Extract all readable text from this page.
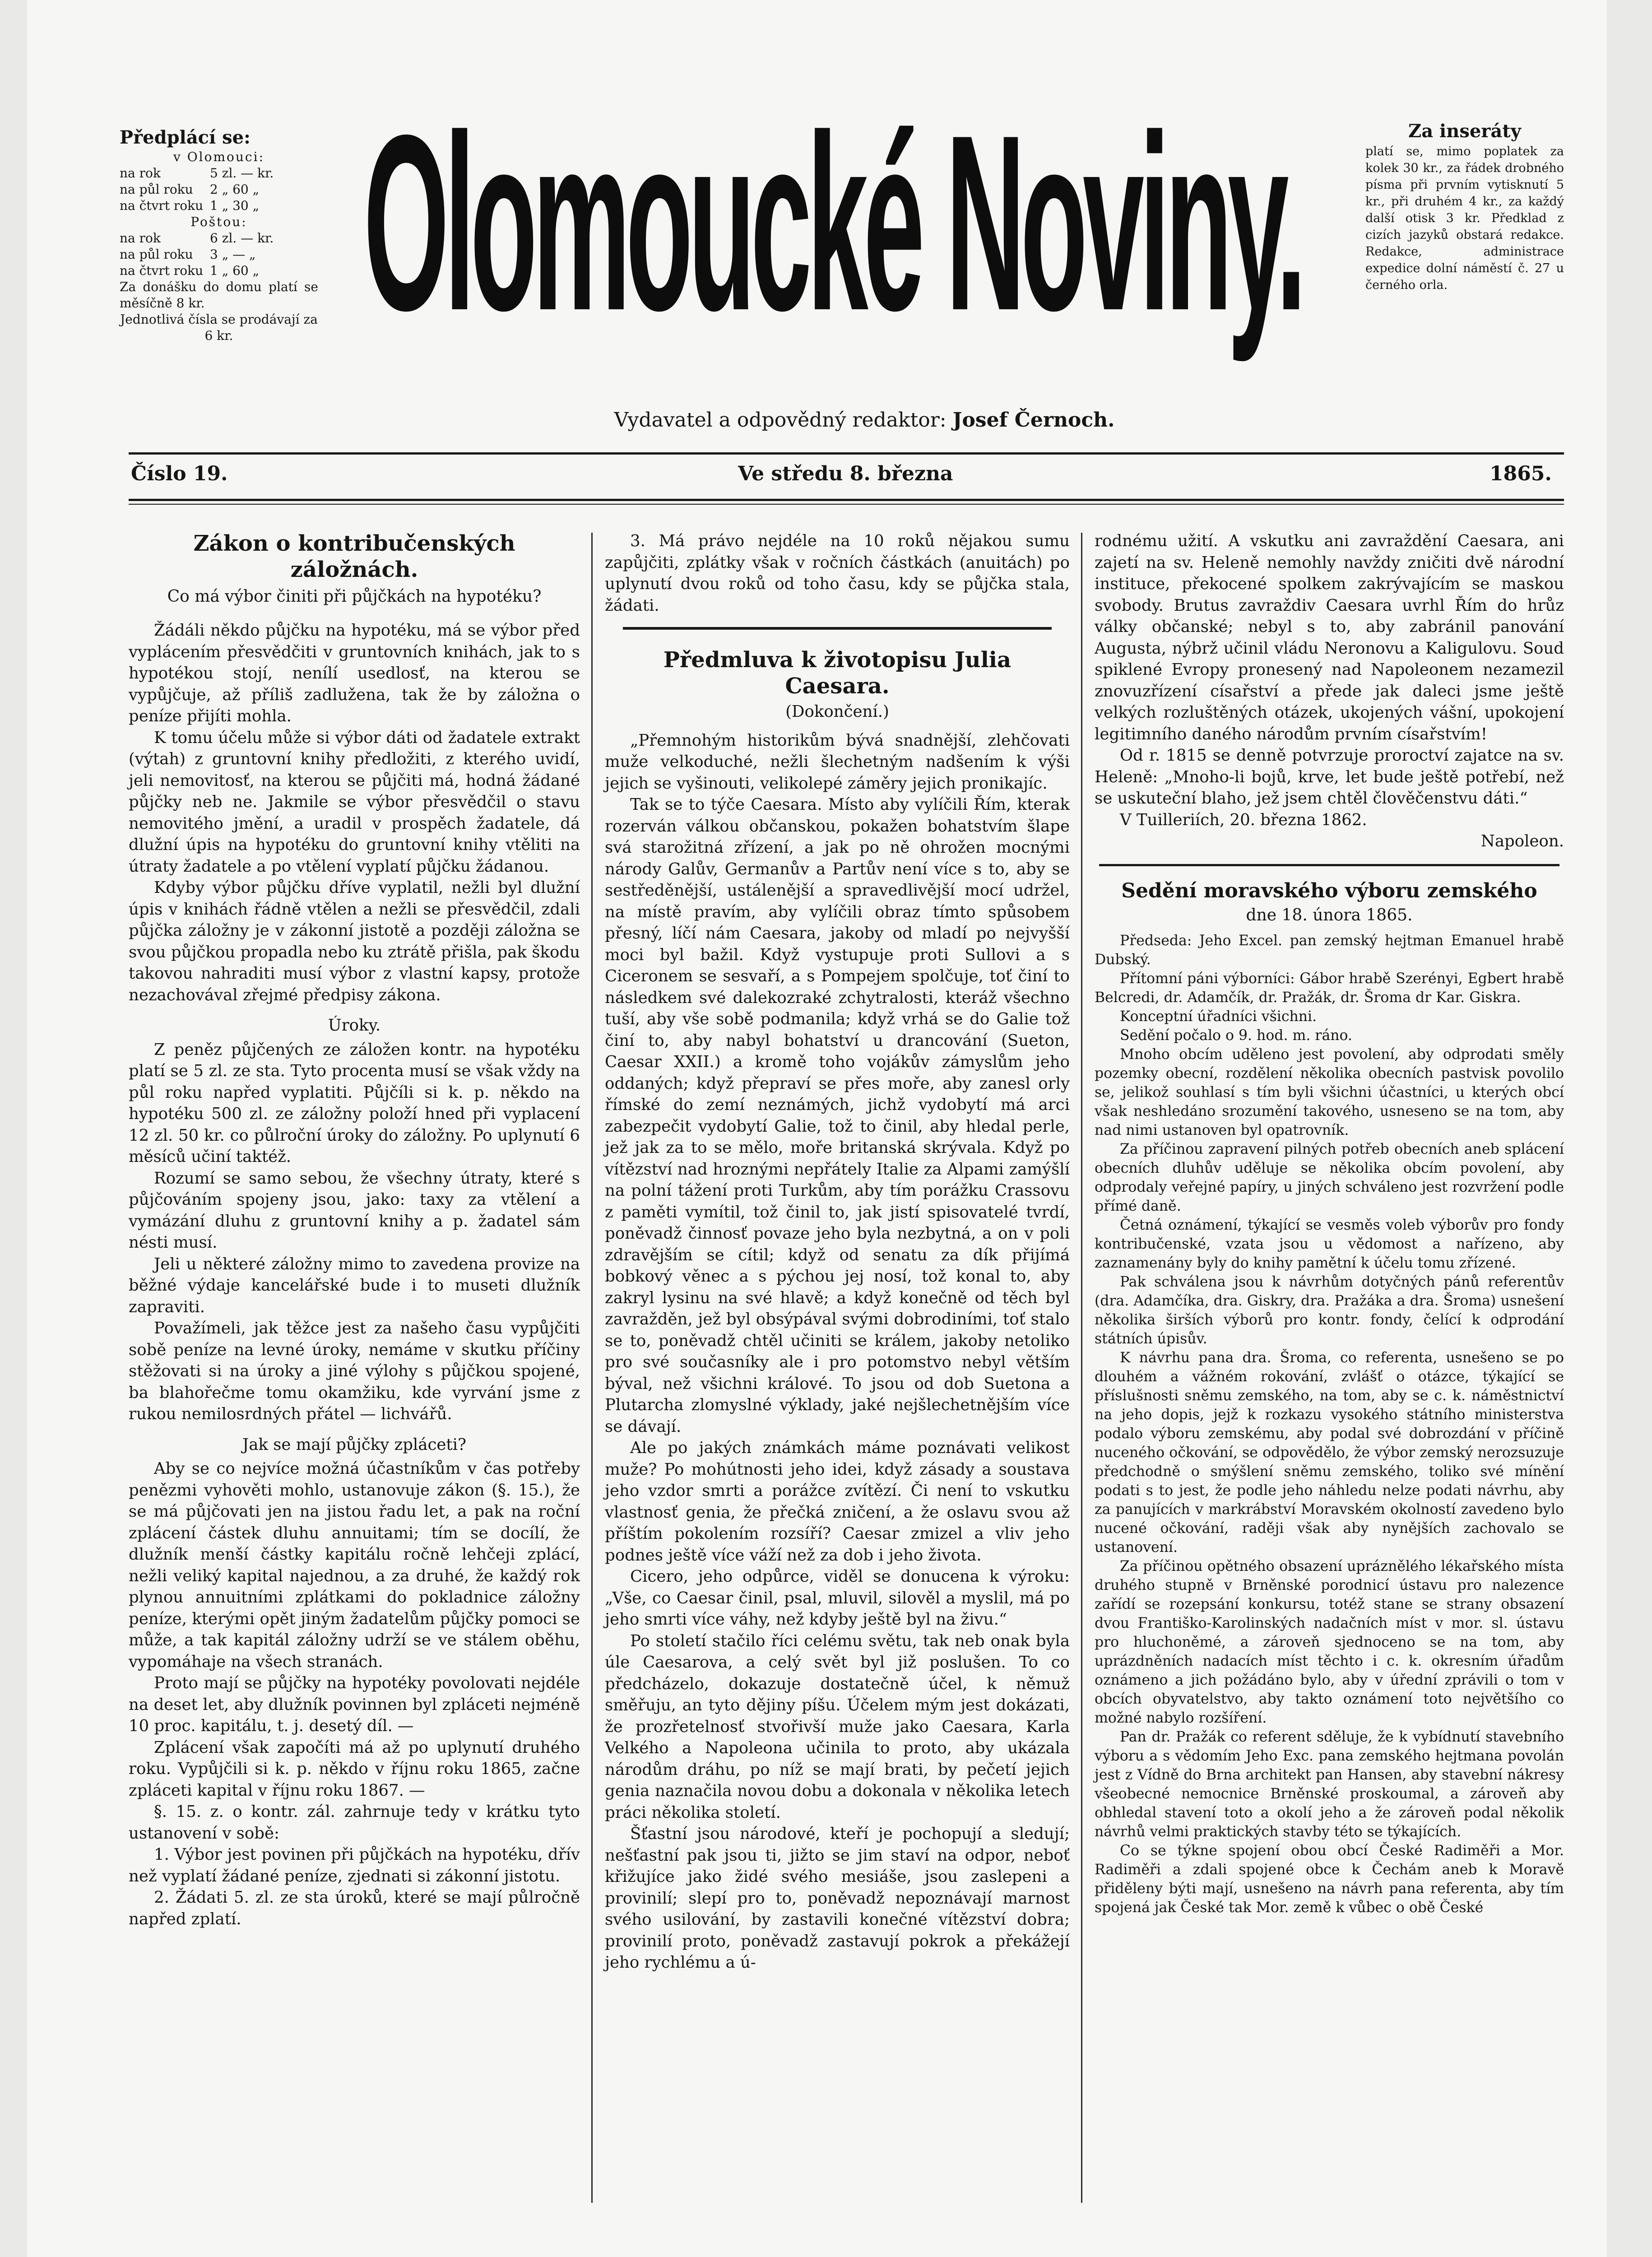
Předplácí se:

v Olomouci:

na rok	5 zl. — kr.
na půl roku	2 „ 60 „
na čtvrt roku 1 „ 30 „

Poštou:

na rok	6 zl. — kr.
na půl roku	3 „ — „
na čtvrt roku 1 „ 60 „

Za donášku do domu platí se měsíčně 8 kr.

Jednotlivá čísla se prodávají za 6 kr. Olomoucké Noviny.	Za inseráty

platí se, mimo poplatek za kolek 30 kr., za řádek drobného písma při prvním vytisknutí 5 kr., při druhém 4 kr., za každý další otisk 3 kr. Předklad z cizích jazyků obstará redakce. Redakce, administrace expedice dolní náměstí č. 27 u černého orla.

Vydavatel a odpovědný redaktor: Josef Černoch.
Číslo 19.	Ve středu 8. března	1865.
Zákon o kontribučenských záložnách.
Co má výbor činiti při půjčkách na hypotéku?

Žádáli někdo půjčku na hypotéku, má se výbor před vyplácením přesvědčiti v gruntovních knihách, jak to s hypotékou stojí, nenílí usedlosť, na kterou se vypůjčuje, až příliš zadlužena, tak že by záložna o peníze přijíti mohla.

K tomu účelu může si výbor dáti od žadatele extrakt (výtah) z gruntovní knihy předložiti, z kterého uvidí, jeli nemovitosť, na kterou se půjčiti má, hodná žádané půjčky neb ne. Jakmile se výbor přesvědčil o stavu nemovitého jmění, a uradil v prospěch žadatele, dá dlužní úpis na hypotéku do gruntovní knihy vtěliti na útraty žadatele a po vtělení vyplatí půjčku žádanou.

Kdyby výbor půjčku dříve vyplatil, nežli byl dlužní úpis v knihách řádně vtělen a nežli se přesvědčil, zdali půjčka záložny je v zákonní jistotě a později záložna se svou půjčkou propadla nebo ku ztrátě přišla, pak škodu takovou nahraditi musí výbor z vlastní kapsy, protože nezachovával zřejmé předpisy zákona.

Úroky.

Z peněz půjčených ze záložen kontr. na hypotéku platí se 5 zl. ze sta. Tyto procenta musí se však vždy na půl roku napřed vyplatiti. Půjčíli si k. p. někdo na hypotéku 500 zl. ze záložny položí hned při vyplacení 12 zl. 50 kr. co půlroční úroky do záložny. Po uplynutí 6 měsíců učiní taktéž.

Rozumí se samo sebou, že všechny útraty, které s půjčováním spojeny jsou, jako: taxy za vtělení a vymázání dluhu z gruntovní knihy a p. žadatel sám nésti musí.

Jeli u některé záložny mimo to zavedena provize na běžné výdaje kancelářské bude i to museti dlužník zapraviti.

Považímeli, jak těžce jest za našeho času vypůjčiti sobě peníze na levné úroky, nemáme v skutku příčiny stěžovati si na úroky a jiné výlohy s půjčkou spojené, ba blahořečme tomu okamžiku, kde vyrvání jsme z rukou nemilosrdných přátel — lichvářů.

Jak se mají půjčky zpláceti?

Aby se co nejvíce možná účastníkům v čas potřeby penězmi vyhověti mohlo, ustanovuje zákon (§. 15.), že se má půjčovati jen na jistou řadu let, a pak na roční zplácení částek dluhu annuitami; tím se docílí, že dlužník menší částky kapitálu ročně lehčeji zplácí, nežli veliký kapital najednou, a za druhé, že každý rok plynou annuitními zplátkami do pokladnice záložny peníze, kterými opět jiným žadatelům půjčky pomoci se může, a tak kapitál záložny udrží se ve stálem oběhu, vypomáhaje na všech stranách.

Proto mají se půjčky na hypotéky povolovati nejdéle na deset let, aby dlužník povinnen byl zpláceti nejméně 10 proc. kapitálu, t. j. desetý díl. —

Zplácení však započíti má až po uplynutí druhého roku. Vypůjčili si k. p. někdo v říjnu roku 1865, začne zpláceti kapital v říjnu roku 1867. —

§. 15. z. o kontr. zál. zahrnuje tedy v krátku tyto ustanovení v sobě:

1. Výbor jest povinen při půjčkách na hypotéku, dřív než vyplatí žádané peníze, zjednati si zákonní jistotu.

2. Žádati 5. zl. ze sta úroků, které se mají půlročně napřed zplatí.

3. Má právo nejdéle na 10 roků nějakou sumu zapůjčiti, zplátky však v ročních částkách (anuitách) po uplynutí dvou roků od toho času, kdy se půjčka stala, žádati.

Předmluva k životopisu Julia Caesara.

(Dokončení.)

„Přemnohým historikům bývá snadnější, zlehčovati muže velkoduché, nežli šlechetným nadšením k výši jejich se vyšinouti, velikolepé záměry jejich pronikajíc.

Tak se to týče Caesara. Místo aby vylíčili Řím, kterak rozerván válkou občanskou, pokažen bohatstvím šlape svá starožitná zřízení, a jak po ně ohrožen mocnými národy Galův, Germanův a Partův není více s to, aby se sestředěnější, ustálenější a spravedlivější mocí udržel, na místě pravím, aby vylíčili obraz tímto spůsobem přesný, líčí nám Caesara, jakoby od mladí po nejvyšší moci byl bažil. Když vystupuje proti Sullovi a s Ciceronem se sesvaří, a s Pompejem spolčuje, toť činí to následkem své dalekozraké zchytralosti, kteráž všechno tuší, aby vše sobě podmanila; když vrhá se do Galie tož činí to, aby nabyl bohatství u drancování (Sueton, Caesar XXII.) a kromě toho vojákův zámyslům jeho oddaných; když přepraví se přes moře, aby zanesl orly římské do zemí neznámých, jichž vydobytí má arci zabezpečit vydobytí Galie, tož to činil, aby hledal perle, jež jak za to se mělo, moře britanská skrývala. Když po vítězství nad hroznými nepřátely Italie za Alpami zamýšlí na polní tážení proti Turkům, aby tím porážku Crassovu z paměti vymítil, tož činil to, jak jistí spisovatelé tvrdí, poněvadž činnosť povaze jeho byla nezbytná, a on v poli zdravějším se cítil; když od senatu za dík přijímá bobkový věnec a s pýchou jej nosí, tož konal to, aby zakryl lysinu na své hlavě; a když konečně od těch byl zavražděn, jež byl obsýpával svými dobrodiními, toť stalo se to, poněvadž chtěl učiniti se králem, jakoby netoliko pro své současníky ale i pro potomstvo nebyl větším býval, než všichni králové. To jsou od dob Suetona a Plutarcha zlomyslné výklady, jaké nejšlechetnějším více se dávají.

Ale po jakých známkách máme poznávati velikost muže? Po mohútnosti jeho idei, když zásady a soustava jeho vzdor smrti a porážce zvítězí. Či není to vskutku vlastnosť genia, že přečká zničení, a že oslavu svou až příštím pokolením rozsíří? Caesar zmizel a vliv jeho podnes ještě více váží než za dob i jeho života.

Cicero, jeho odpůrce, viděl se donucena k výroku: „Vše, co Caesar činil, psal, mluvil, silověl a myslil, má po jeho smrti více váhy, než kdyby ještě byl na živu.“

Po století stačilo říci celému světu, tak neb onak byla úle Caesarova, a celý svět byl již poslušen. To co předcházelo, dokazuje dostatečně účel, k němuž směřuju, an tyto dějiny píšu. Účelem mým jest dokázati, že prozřetelnosť stvořivší muže jako Caesara, Karla Velkého a Napoleona učinila to proto, aby ukázala národům dráhu, po níž se mají brati, by pečetí jejich genia naznačila novou dobu a dokonala v několika letech práci několika století.

Šťastní jsou národové, kteří je pochopují a sledují; nešťastní pak jsou ti, jižto se jim staví na odpor, neboť křižujíce jako židé svého mesiáše, jsou zaslepeni a provinilí; slepí pro to, poněvadž nepoznávají marnost svého usilování, by zastavili konečné vítězství dobra; provinilí proto, poněvadž zastavují pokrok a překážejí jeho rychlému a ú-

rodnému užití. A vskutku ani zavraždění Caesara, ani zajetí na sv. Heleně nemohly navždy zničiti dvě národní instituce, překocené spolkem zakrývajícím se maskou svobody. Brutus zavraždiv Caesara uvrhl Řím do hrůz války občanské; nebyl s to, aby zabránil panování Augusta, nýbrž učinil vládu Neronovu a Kaligulovu. Soud spiklené Evropy pronesený nad Napoleonem nezamezil znovuzřízení císařství a přede jak daleci jsme ještě velkých rozluštěných otázek, ukojených vášní, upokojení legitimního daného národům prvním císařstvím!

Od r. 1815 se denně potvrzuje proroctví zajatce na sv. Heleně: „Mnoho-li bojů, krve, let bude ještě potřebí, než se uskuteční blaho, jež jsem chtěl člověčenstvu dáti.“

V Tuilleriích, 20. března 1862.

Napoleon.

Sedění moravského výboru zemského
dne 18. února 1865.

Předseda: Jeho Excel. pan zemský hejtman Emanuel hrabě Dubský.

Přítomní páni výborníci: Gábor hrabě Szerényi, Egbert hrabě Belcredi, dr. Adamčík, dr. Pražák, dr. Šroma dr Kar. Giskra.

Konceptní úřadníci všichni.

Sedění počalo o 9. hod. m. ráno.

Mnoho obcím uděleno jest povolení, aby odprodati směly pozemky obecní, rozdělení několika obecních pastvisk povolilo se, jelikož souhlasí s tím byli všichni účastníci, u kterých obcí však neshledáno srozumění takového, usneseno se na tom, aby nad nimi ustanoven byl opatrovník.

Za příčinou zapravení pilných potřeb obecních aneb splácení obecních dluhův uděluje se několika obcím povolení, aby odprodaly veřejné papíry, u jiných schváleno jest rozvržení podle přímé daně.

Četná oznámení, týkající se vesměs voleb výborův pro fondy kontribučenské, vzata jsou u vědomost a nařízeno, aby zaznamenány byly do knihy pamětní k účelu tomu zřízené.

Pak schválena jsou k návrhům dotyčných pánů referentův (dra. Adamčíka, dra. Giskry, dra. Pražáka a dra. Šroma) usnešení několika širších výborů pro kontr. fondy, čelící k odprodání státních úpisův.

K návrhu pana dra. Šroma, co referenta, usnešeno se po dlouhém a vážném rokování, zvlášť o otázce, týkající se příslušnosti sněmu zemského, na tom, aby se c. k. náměstnictví na jeho dopis, jejž k rozkazu vysokého státního ministerstva podalo výboru zemskému, aby podal své dobrozdání v příčině nuceného očkování, se odpovědělo, že výbor zemský nerozsuzuje předchodně o smýšlení sněmu zemského, toliko své mínění podati s to jest, že podle jeho náhledu nelze podati návrhu, aby za panujících v markrábství Moravském okolností zavedeno bylo nucené očkování, raději však aby nynějších zachovalo se ustanovení.

Za příčinou opětného obsazení upráznělého lékařského místa druhého stupně v Brněnské porodnicí ústavu pro nalezence zařídí se rozepsání konkursu, totéž stane se strany obsazení dvou Františko-Karolinských nadačních míst v mor. sl. ústavu pro hluchoněmé, a zároveň sjednoceno se na tom, aby uprázdněních nadacích míst těchto i c. k. okresním úřadům oznámeno a jich požádáno bylo, aby v úřední zprávili o tom v obcích obyvatelstvo, aby takto oznámení toto největšího co možné nabylo rozšíření.

Pan dr. Pražák co referent sděluje, že k vybídnutí stavebního výboru a s vědomím Jeho Exc. pana zemského hejtmana povolán jest z Vídně do Brna architekt pan Hansen, aby stavební nákresy všeobecné nemocnice Brněnské proskoumal, a zároveň aby obhledal stavení toto a okolí jeho a že zároveň podal několik návrhů velmi praktických stavby této se týkajících.

Co se týkne spojení obou obcí České Radiměři a Mor. Radiměři a zdali spojené obce k Čechám aneb k Moravě přiděleny býti mají, usnešeno na návrh pana referenta, aby tím spojená jak České tak Mor. země k vůbec o obě České
